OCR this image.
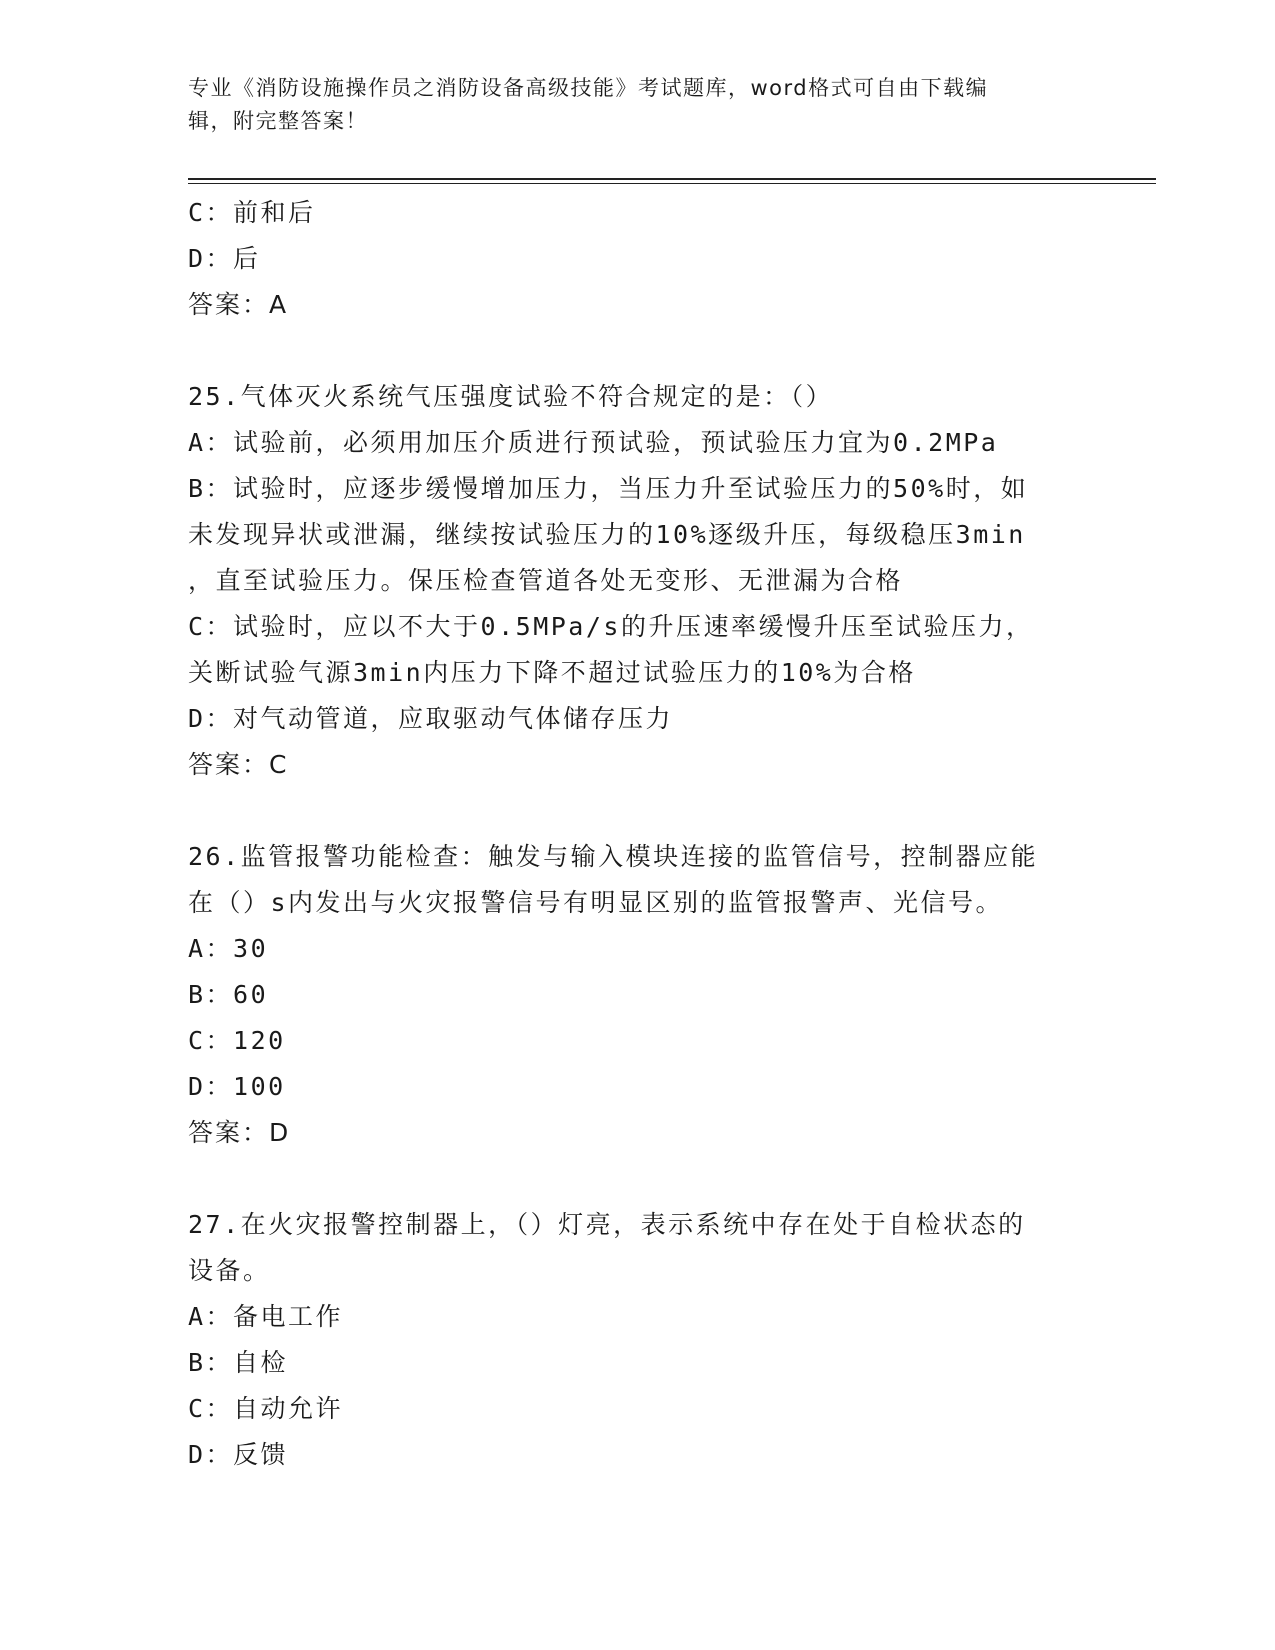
专业《消防设施操作员之消防设备高级技能》考试题库，word格式可自由下载编
辑，附完整答案！
C：前和后
D：后
答案：A
25.气体灭火系统气压强度试验不符合规定的是：（）
A：试验前，必须用加压介质进行预试验，预试验压力宜为0.2MPa
B：试验时，应逐步缓慢增加压力，当压力升至试验压力的50%时，如
未发现异状或泄漏，继续按试验压力的10%逐级升压，每级稳压3min
，直至试验压力。保压检查管道各处无变形、无泄漏为合格
C：试验时，应以不大于0.5MPa/s的升压速率缓慢升压至试验压力，
关断试验气源3min内压力下降不超过试验压力的10%为合格
D：对气动管道，应取驱动气体储存压力
答案：C
26.监管报警功能检查：触发与输入模块连接的监管信号，控制器应能
在（）s内发出与火灾报警信号有明显区别的监管报警声、光信号。
A：30
B：60
C：120
D：100
答案：D
27.在火灾报警控制器上，（）灯亮，表示系统中存在处于自检状态的
设备。
A：备电工作
B：自检
C：自动允许
D：反馈
